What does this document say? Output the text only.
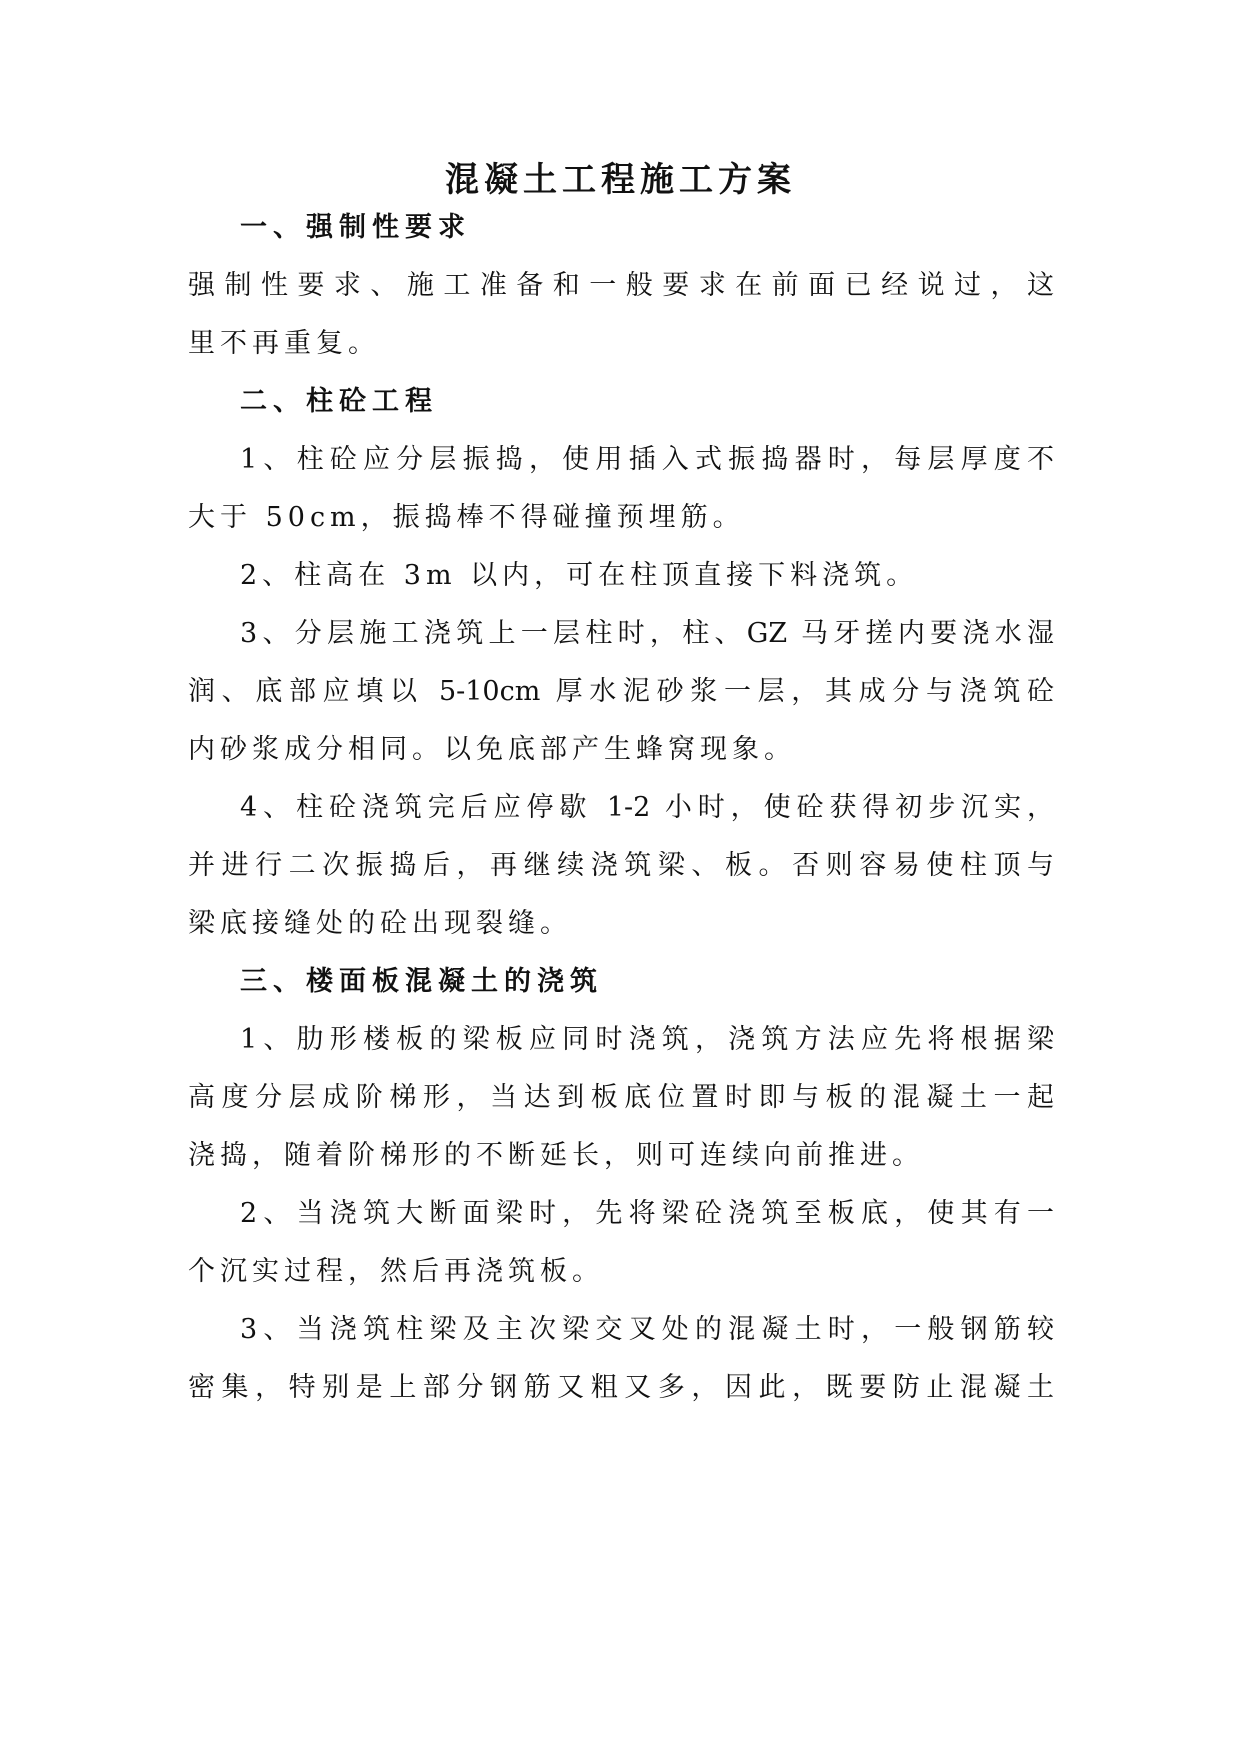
混凝土工程施工方案
一、强制性要求
强制性要求、施工准备和一般要求在前面已经说过，这
里不再重复。
二、柱砼工程
1、柱砼应分层振捣，使用插入式振捣器时，每层厚度不
大于 50cm，振捣棒不得碰撞预埋筋。
2、柱高在 3m 以内，可在柱顶直接下料浇筑。
3、分层施工浇筑上一层柱时，柱、GZ 马牙搓内要浇水湿
润、底部应填以 5-10cm 厚水泥砂浆一层，其成分与浇筑砼
内砂浆成分相同。以免底部产生蜂窝现象。
4、柱砼浇筑完后应停歇 1-2 小时，使砼获得初步沉实，
并进行二次振捣后，再继续浇筑梁、板。否则容易使柱顶与
梁底接缝处的砼出现裂缝。
三、楼面板混凝土的浇筑
1、肋形楼板的梁板应同时浇筑，浇筑方法应先将根据梁
高度分层成阶梯形，当达到板底位置时即与板的混凝土一起
浇捣，随着阶梯形的不断延长，则可连续向前推进。
2、当浇筑大断面梁时，先将梁砼浇筑至板底，使其有一
个沉实过程，然后再浇筑板。
3、当浇筑柱梁及主次梁交叉处的混凝土时，一般钢筋较
密集，特别是上部分钢筋又粗又多，因此，既要防止混凝土
